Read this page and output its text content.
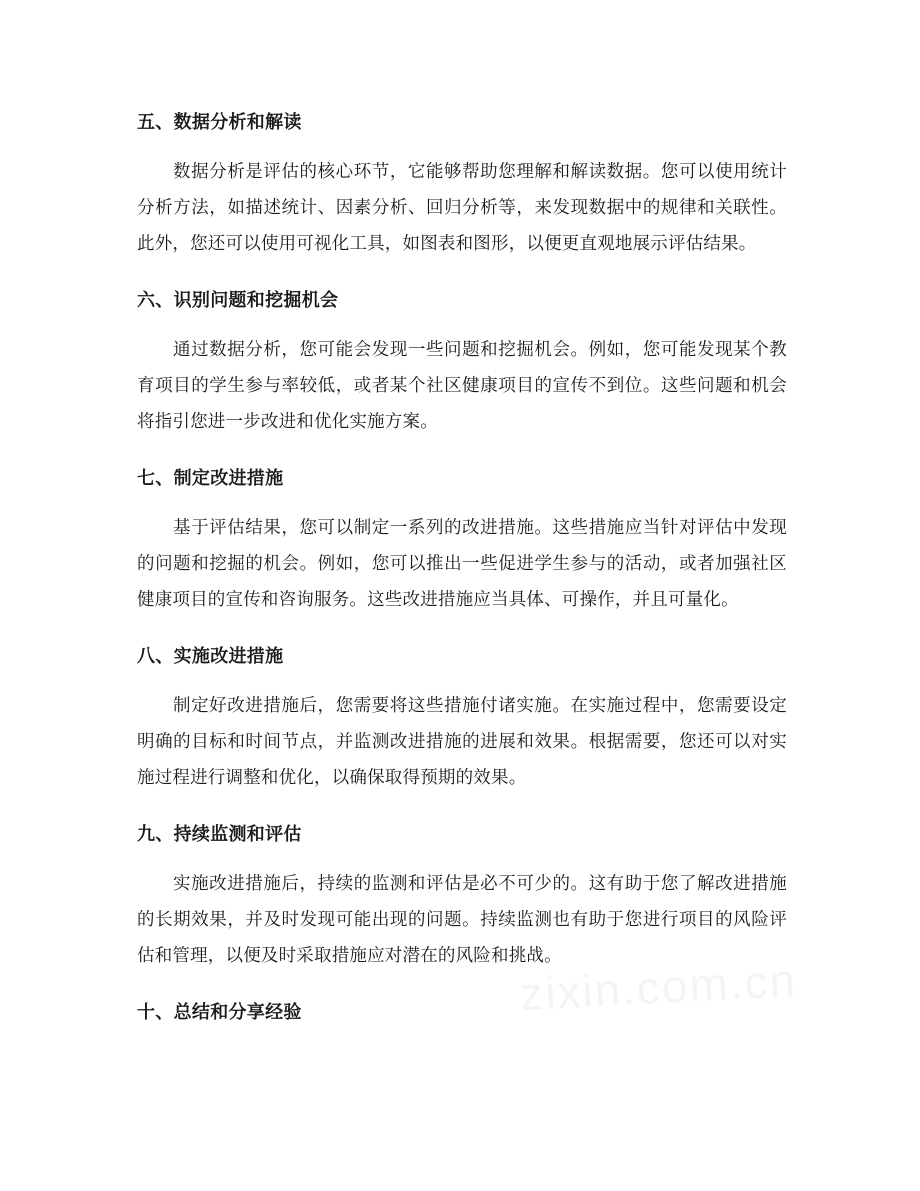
五、数据分析和解读

数据分析是评估的核心环节，它能够帮助您理解和解读数据。您可以使用统计分析方法，如描述统计、因素分析、回归分析等，来发现数据中的规律和关联性。此外，您还可以使用可视化工具，如图表和图形，以便更直观地展示评估结果。

六、识别问题和挖掘机会

通过数据分析，您可能会发现一些问题和挖掘机会。例如，您可能发现某个教育项目的学生参与率较低，或者某个社区健康项目的宣传不到位。这些问题和机会将指引您进一步改进和优化实施方案。

七、制定改进措施

基于评估结果，您可以制定一系列的改进措施。这些措施应当针对评估中发现的问题和挖掘的机会。例如，您可以推出一些促进学生参与的活动，或者加强社区健康项目的宣传和咨询服务。这些改进措施应当具体、可操作，并且可量化。

八、实施改进措施

制定好改进措施后，您需要将这些措施付诸实施。在实施过程中，您需要设定明确的目标和时间节点，并监测改进措施的进展和效果。根据需要，您还可以对实施过程进行调整和优化，以确保取得预期的效果。

九、持续监测和评估

实施改进措施后，持续的监测和评估是必不可少的。这有助于您了解改进措施的长期效果，并及时发现可能出现的问题。持续监测也有助于您进行项目的风险评估和管理，以便及时采取措施应对潜在的风险和挑战。

十、总结和分享经验	zixin.com.cn
